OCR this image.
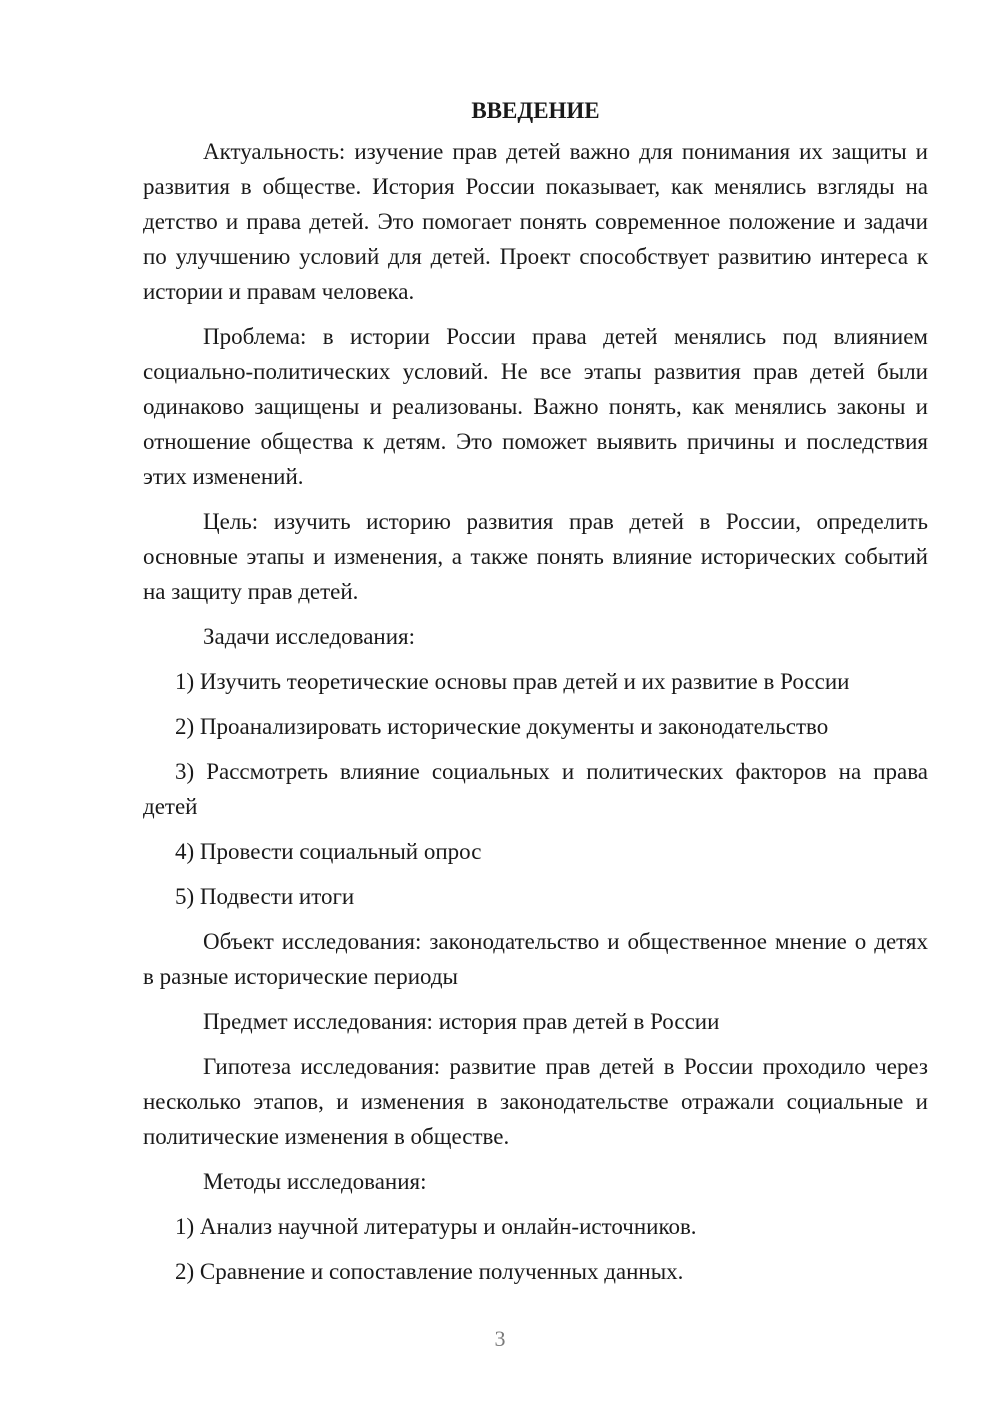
ВВЕДЕНИЕ

Актуальность: изучение прав детей важно для понимания их защиты и развития в обществе. История России показывает, как менялись взгляды на детство и права детей. Это помогает понять современное положение и задачи по улучшению условий для детей. Проект способствует развитию интереса к истории и правам человека.

Проблема: в истории России права детей менялись под влиянием социально-политических условий. Не все этапы развития прав детей были одинаково защищены и реализованы. Важно понять, как менялись законы и отношение общества к детям. Это поможет выявить причины и последствия этих изменений.

Цель: изучить историю развития прав детей в России, определить основные этапы и изменения, а также понять влияние исторических событий на защиту прав детей.

Задачи исследования:

1) Изучить теоретические основы прав детей и их развитие в России

2) Проанализировать исторические документы и законодательство

3) Рассмотреть влияние социальных и политических факторов на права детей

4) Провести социальный опрос

5) Подвести итоги

Объект исследования: законодательство и общественное мнение о детях в разные исторические периоды

Предмет исследования: история прав детей в России

Гипотеза исследования: развитие прав детей в России проходило через несколько этапов, и изменения в законодательстве отражали социальные и политические изменения в обществе.

Методы исследования:

1) Анализ научной литературы и онлайн-источников.

2) Сравнение и сопоставление полученных данных.

3
